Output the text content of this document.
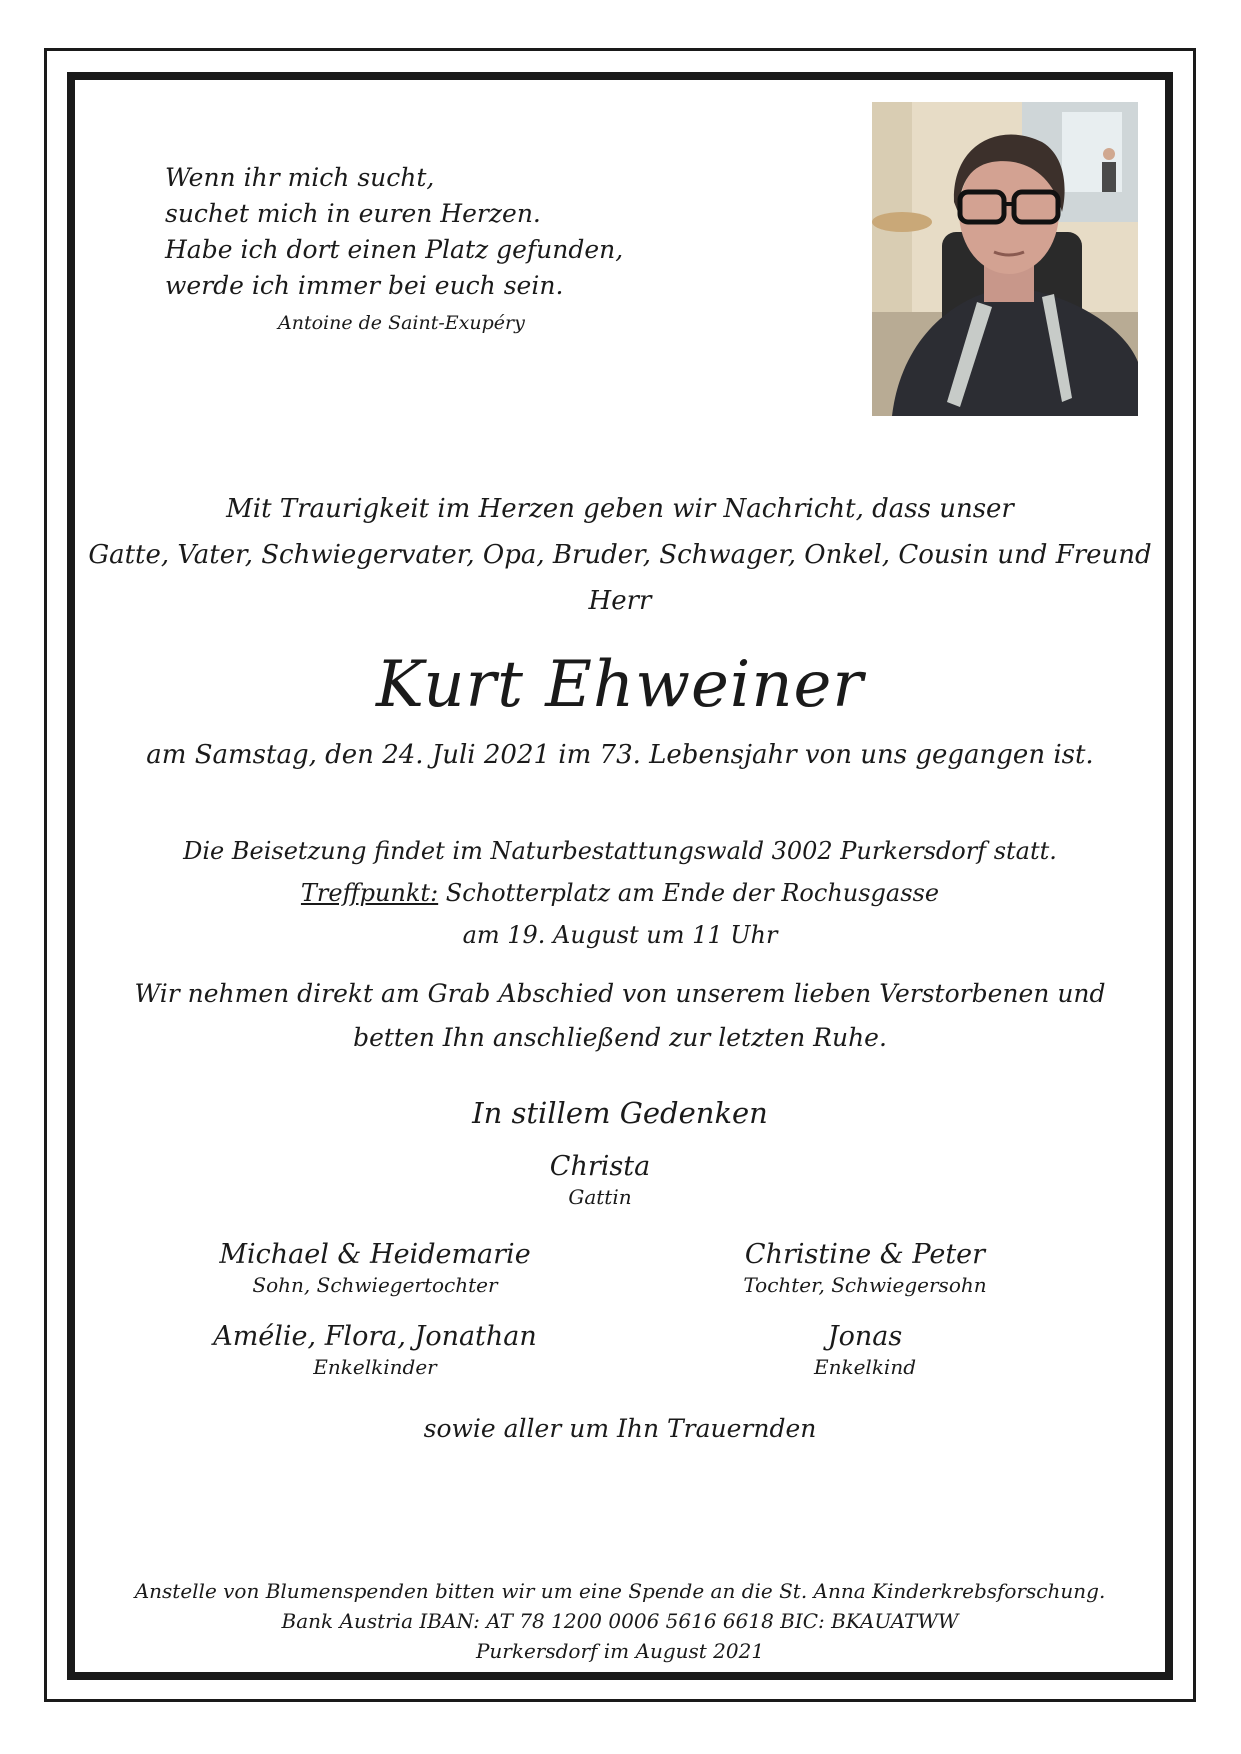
Wenn ihr mich sucht,
suchet mich in euren Herzen.
Habe ich dort einen Platz gefunden,
werde ich immer bei euch sein.
Antoine de Saint-Exupéry
Mit Traurigkeit im Herzen geben wir Nachricht, dass unser
Gatte, Vater, Schwiegervater, Opa, Bruder, Schwager, Onkel, Cousin und Freund
Herr
Kurt Ehweiner
am Samstag, den 24. Juli 2021 im 73. Lebensjahr von uns gegangen ist.
Die Beisetzung findet im Naturbestattungswald 3002 Purkersdorf statt.
Treffpunkt: Schotterplatz am Ende der Rochusgasse
am 19. August um 11 Uhr
Wir nehmen direkt am Grab Abschied von unserem lieben Verstorbenen und
betten Ihn anschließend zur letzten Ruhe.
In stillem Gedenken
Christa
Gattin
Michael & Heidemarie
Sohn, Schwiegertochter
Christine & Peter
Tochter, Schwiegersohn
Amélie, Flora, Jonathan
Enkelkinder
Jonas
Enkelkind
sowie aller um Ihn Trauernden
Anstelle von Blumenspenden bitten wir um eine Spende an die St. Anna Kinderkrebsforschung.
Bank Austria IBAN: AT 78 1200 0006 5616 6618 BIC: BKAUATWW
Purkersdorf im August 2021
